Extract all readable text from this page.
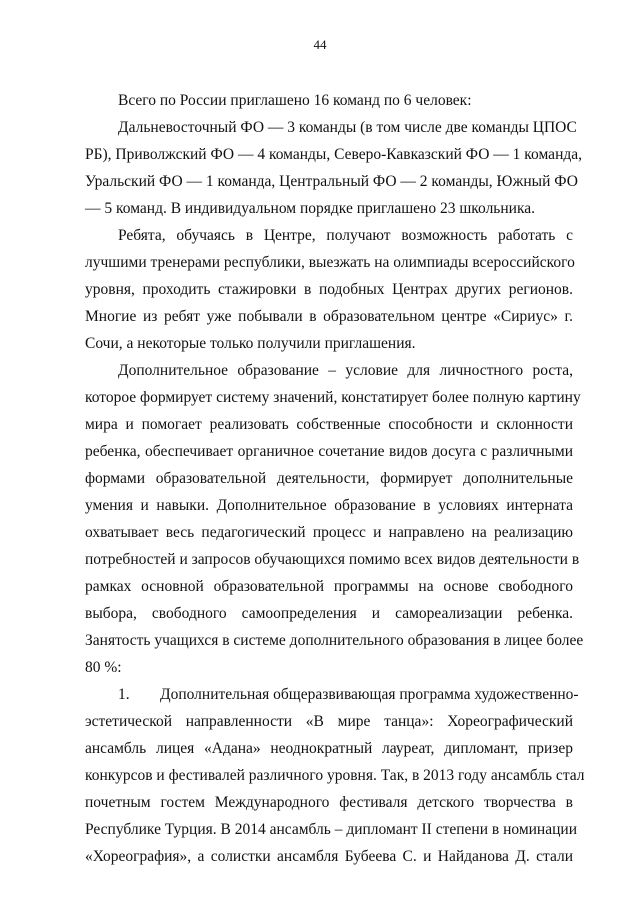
44
Всего по России приглашено 16 команд по 6 человек:
Дальневосточный ФО — 3 команды (в том числе две команды ЦПОС
РБ), Приволжский ФО — 4 команды, Северо-Кавказский ФО — 1 команда,
Уральский ФО — 1 команда, Центральный ФО — 2 команды, Южный ФО
— 5 команд. В индивидуальном порядке приглашено 23 школьника.
Ребята, обучаясь в Центре, получают возможность работать с
лучшими тренерами республики, выезжать на олимпиады всероссийского
уровня, проходить стажировки в подобных Центрах других регионов.
Многие из ребят уже побывали в образовательном центре «Сириус» г.
Сочи, а некоторые только получили приглашения.
Дополнительное образование – условие для личностного роста,
которое формирует систему значений, констатирует более полную картину
мира и помогает реализовать собственные способности и склонности
ребенка, обеспечивает органичное сочетание видов досуга с различными
формами образовательной деятельности, формирует дополнительные
умения и навыки. Дополнительное образование в условиях интерната
охватывает весь педагогический процесс и направлено на реализацию
потребностей и запросов обучающихся помимо всех видов деятельности в
рамках основной образовательной программы на основе свободного
выбора, свободного самоопределения и самореализации ребенка.
Занятость учащихся в системе дополнительного образования в лицее более
80 %:
1.	Дополнительная общеразвивающая программа художественно-
эстетической направленности «В мире танца»: Хореографический
ансамбль лицея «Адана» неоднократный лауреат, дипломант, призер
конкурсов и фестивалей различного уровня. Так, в 2013 году ансамбль стал
почетным гостем Международного фестиваля детского творчества в
Республике Турция. В 2014 ансамбль – дипломант II степени в номинации
«Хореография», а солистки ансамбля Бубеева С. и Найданова Д. стали
